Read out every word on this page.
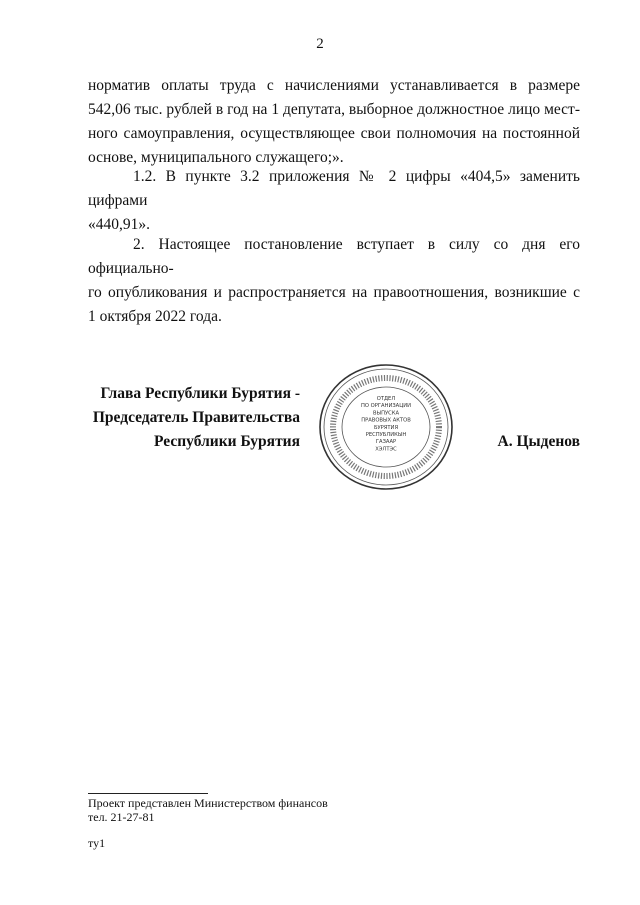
2
норматив оплаты труда с начислениями устанавливается в размере
542,06 тыс. рублей в год на 1 депутата, выборное должностное лицо мест-
ного самоуправления, осуществляющее свои полномочия на постоянной
основе, муниципального служащего;».
1.2. В пункте 3.2 приложения № 2 цифры «404,5» заменить цифрами
«440,91».
2. Настоящее постановление вступает в силу со дня его официально-
го опубликования и распространяется на правоотношения, возникшие с
1 октября 2022 года.
Глава Республики Бурятия -
Председатель Правительства
Республики Бурятия	А. Цыденов
ОТДЕЛ
ПО ОРГАНИЗАЦИИ
ВЫПУСКА
ПРАВОВЫХ АКТОВ
БУРЯТИЯ
РЕСПУБЛИКЫН
ГАЗААР
ХЭЛТЭС
Проект представлен Министерством финансов
тел. 21-27-81
ту1
